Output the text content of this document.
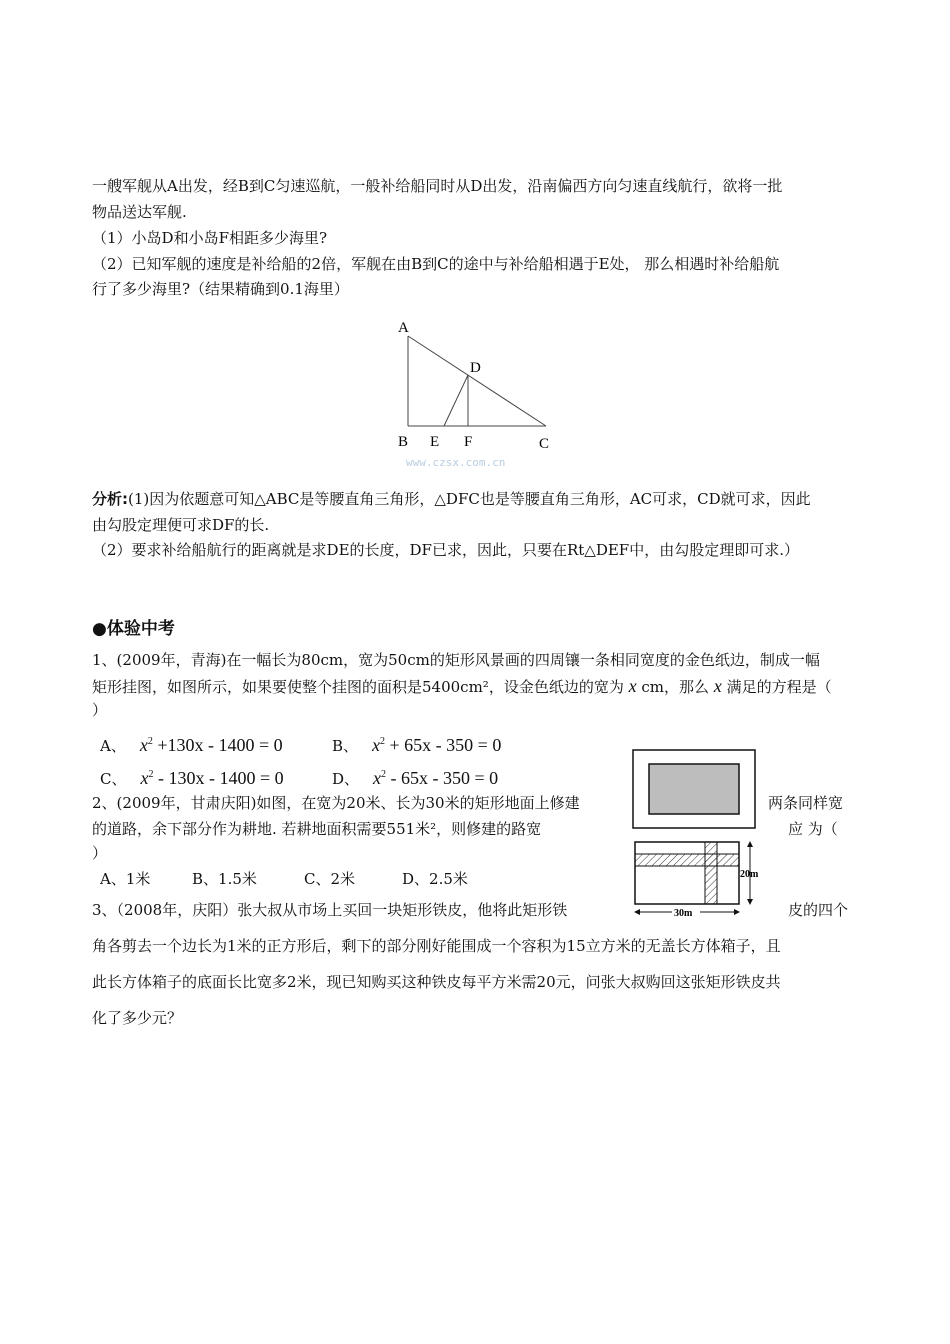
一艘军舰从A出发，经B到C匀速巡航，一般补给船同时从D出发，沿南偏西方向匀速直线航行，欲将一批
物品送达军舰.
（1）小岛D和小岛F相距多少海里?
（2）已知军舰的速度是补给船的2倍，军舰在由B到C的途中与补给船相遇于E处， 那么相遇时补给船航
行了多少海里?（结果精确到0.1海里）
A
D
B E F	C
www.czsx.com.cn
分析:(1)因为依题意可知△ABC是等腰直角三角形，△DFC也是等腰直角三角形，AC可求，CD就可求，因此
由勾股定理便可求DF的长.
（2）要求补给船航行的距离就是求DE的长度，DF已求，因此，只要在Rt△DEF中，由勾股定理即可求.）
●体验中考
1、(2009年，青海)在一幅长为80cm，宽为50cm的矩形风景画的四周镶一条相同宽度的金色纸边，制成一幅
矩形挂图，如图所示，如果要使整个挂图的面积是5400cm²，设金色纸边的宽为 x cm，那么 x 满足的方程是（
）
A、 $x^2 +130x - 1400 = 0$	B、 $x^2 + 65x - 350 = 0$
C、 $x^2 - 130x - 1400 = 0$	D、 $x^2 - 65x - 350 = 0$
2、(2009年，甘肃庆阳)如图，在宽为20米、长为30米的矩形地面上修建	两条同样宽
的道路，余下部分作为耕地. 若耕地面积需要551米²，则修建的路宽	应 为（
）
A、1米	B、1.5米	C、2米	D、2.5米	20m
30m
3、（2008年，庆阳）张大叔从市场上买回一块矩形铁皮，他将此矩形铁	皮的四个
角各剪去一个边长为1米的正方形后，剩下的部分刚好能围成一个容积为15立方米的无盖长方体箱子，且
此长方体箱子的底面长比宽多2米，现已知购买这种铁皮每平方米需20元，问张大叔购回这张矩形铁皮共
化了多少元？
